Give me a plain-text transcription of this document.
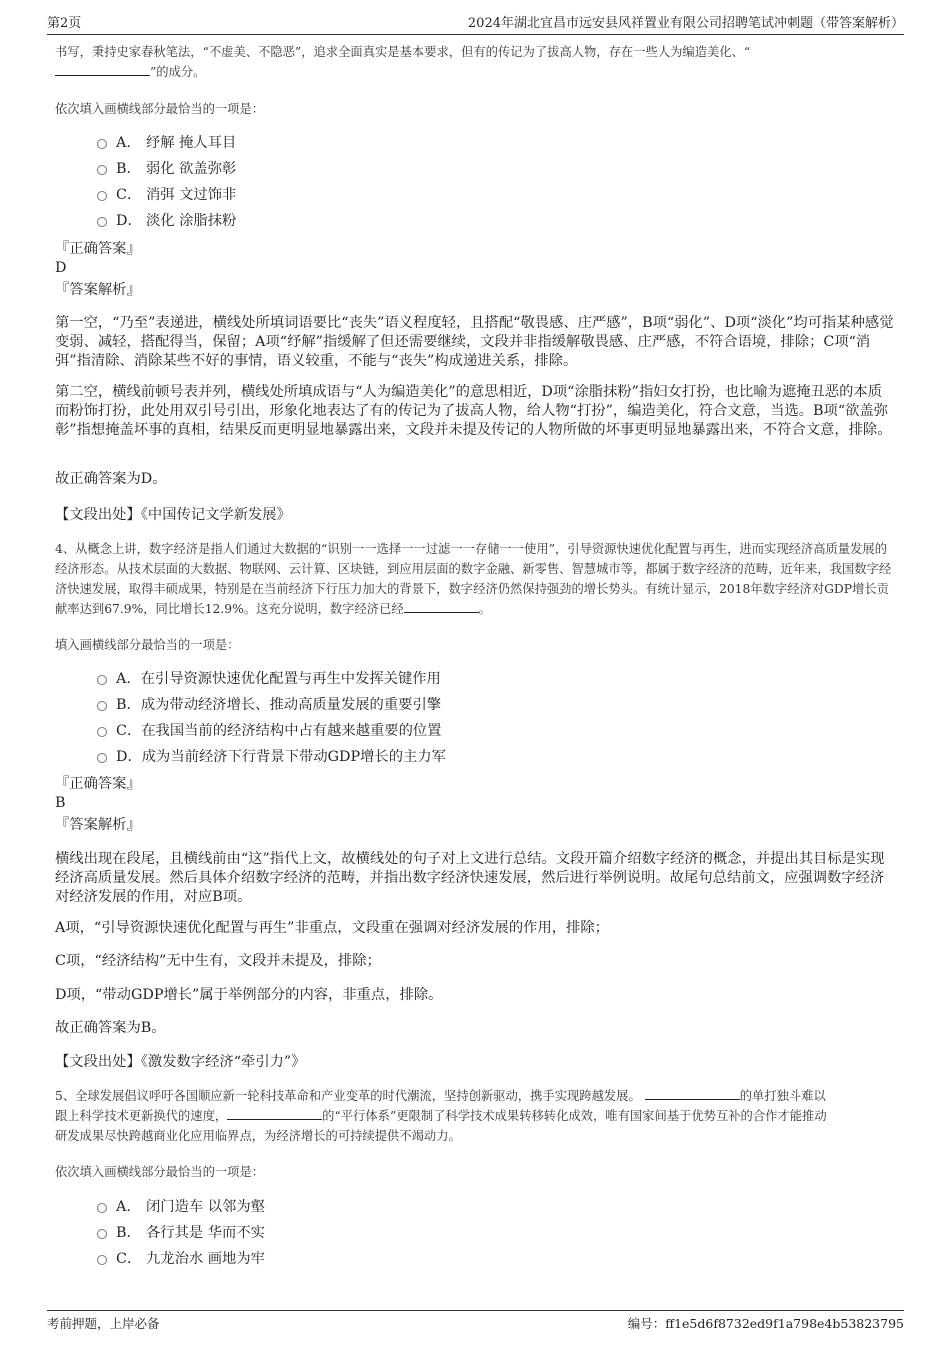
第2页	2024年湖北宜昌市远安县风祥置业有限公司招聘笔试冲刺题（带答案解析）
书写，秉持史家春秋笔法，“不虚美、不隐恶”，追求全面真实是基本要求，但有的传记为了拔高人物，存在一些人为编造美化、“
”的成分。
依次填入画横线部分最恰当的一项是：
A． 纾解 掩人耳目
B． 弱化 欲盖弥彰
C． 消弭 文过饰非
D． 淡化 涂脂抹粉
『正确答案』
D
『答案解析』
第一空，“乃至”表递进，横线处所填词语要比“丧失”语义程度轻，且搭配“敬畏感、庄严感”，B项“弱化”、D项“淡化”均可指某种感觉变弱、减轻，搭配得当，保留；A项“纾解”指缓解了但还需要继续，文段并非指缓解敬畏感、庄严感，不符合语境，排除；C项“消弭”指清除、消除某些不好的事情，语义较重，不能与“丧失”构成递进关系，排除。
第二空，横线前顿号表并列，横线处所填成语与“人为编造美化”的意思相近，D项“涂脂抹粉”指妇女打扮，也比喻为遮掩丑恶的本质而粉饰打扮，此处用双引号引出，形象化地表达了有的传记为了拔高人物，给人物“打扮”，编造美化，符合文意，当选。B项“欲盖弥彰”指想掩盖坏事的真相，结果反而更明显地暴露出来，文段并未提及传记的人物所做的坏事更明显地暴露出来，不符合文意，排除。
故正确答案为D。
【文段出处】《中国传记文学新发展》
4、从概念上讲，数字经济是指人们通过大数据的“识别一一选择一一过滤一一存储一一使用”，引导资源快速优化配置与再生，进而实现经济高质量发展的经济形态。从技术层面的大数据、物联网、云计算、区块链，到应用层面的数字金融、新零售、智慧城市等，都属于数字经济的范畴，近年来，我国数字经济快速发展，取得丰硕成果，特别是在当前经济下行压力加大的背景下，数字经济仍然保持强劲的增长势头。有统计显示，2018年数字经济对GDP增长贡献率达到67.9%，同比增长12.9%。这充分说明，数字经济已经	。
填入画横线部分最恰当的一项是：
A．在引导资源快速优化配置与再生中发挥关键作用
B．成为带动经济增长、推动高质量发展的重要引擎
C．在我国当前的经济结构中占有越来越重要的位置
D．成为当前经济下行背景下带动GDP增长的主力军
『正确答案』
B
『答案解析』
横线出现在段尾，且横线前由“这”指代上文，故横线处的句子对上文进行总结。文段开篇介绍数字经济的概念，并提出其目标是实现经济高质量发展。然后具体介绍数字经济的范畴，并指出数字经济快速发展，然后进行举例说明。故尾句总结前文，应强调数字经济对经济发展的作用，对应B项。
A项，“引导资源快速优化配置与再生”非重点，文段重在强调对经济发展的作用，排除；
C项，“经济结构”无中生有，文段并未提及，排除；
D项，“带动GDP增长”属于举例部分的内容，非重点，排除。
故正确答案为B。
【文段出处】《激发数字经济“牵引力”》
5、全球发展倡议呼吁各国顺应新一轮科技革命和产业变革的时代潮流，坚持创新驱动，携手实现跨越发展。	的单打独斗难以
跟上科学技术更新换代的速度，	的“平行体系”更限制了科学技术成果转移转化成效，唯有国家间基于优势互补的合作才能推动
研发成果尽快跨越商业化应用临界点，为经济增长的可持续提供不竭动力。
依次填入画横线部分最恰当的一项是：
A． 闭门造车 以邻为壑
B． 各行其是 华而不实
C． 九龙治水 画地为牢
考前押题，上岸必备	编号：ff1e5d6f8732ed9f1a798e4b53823795
